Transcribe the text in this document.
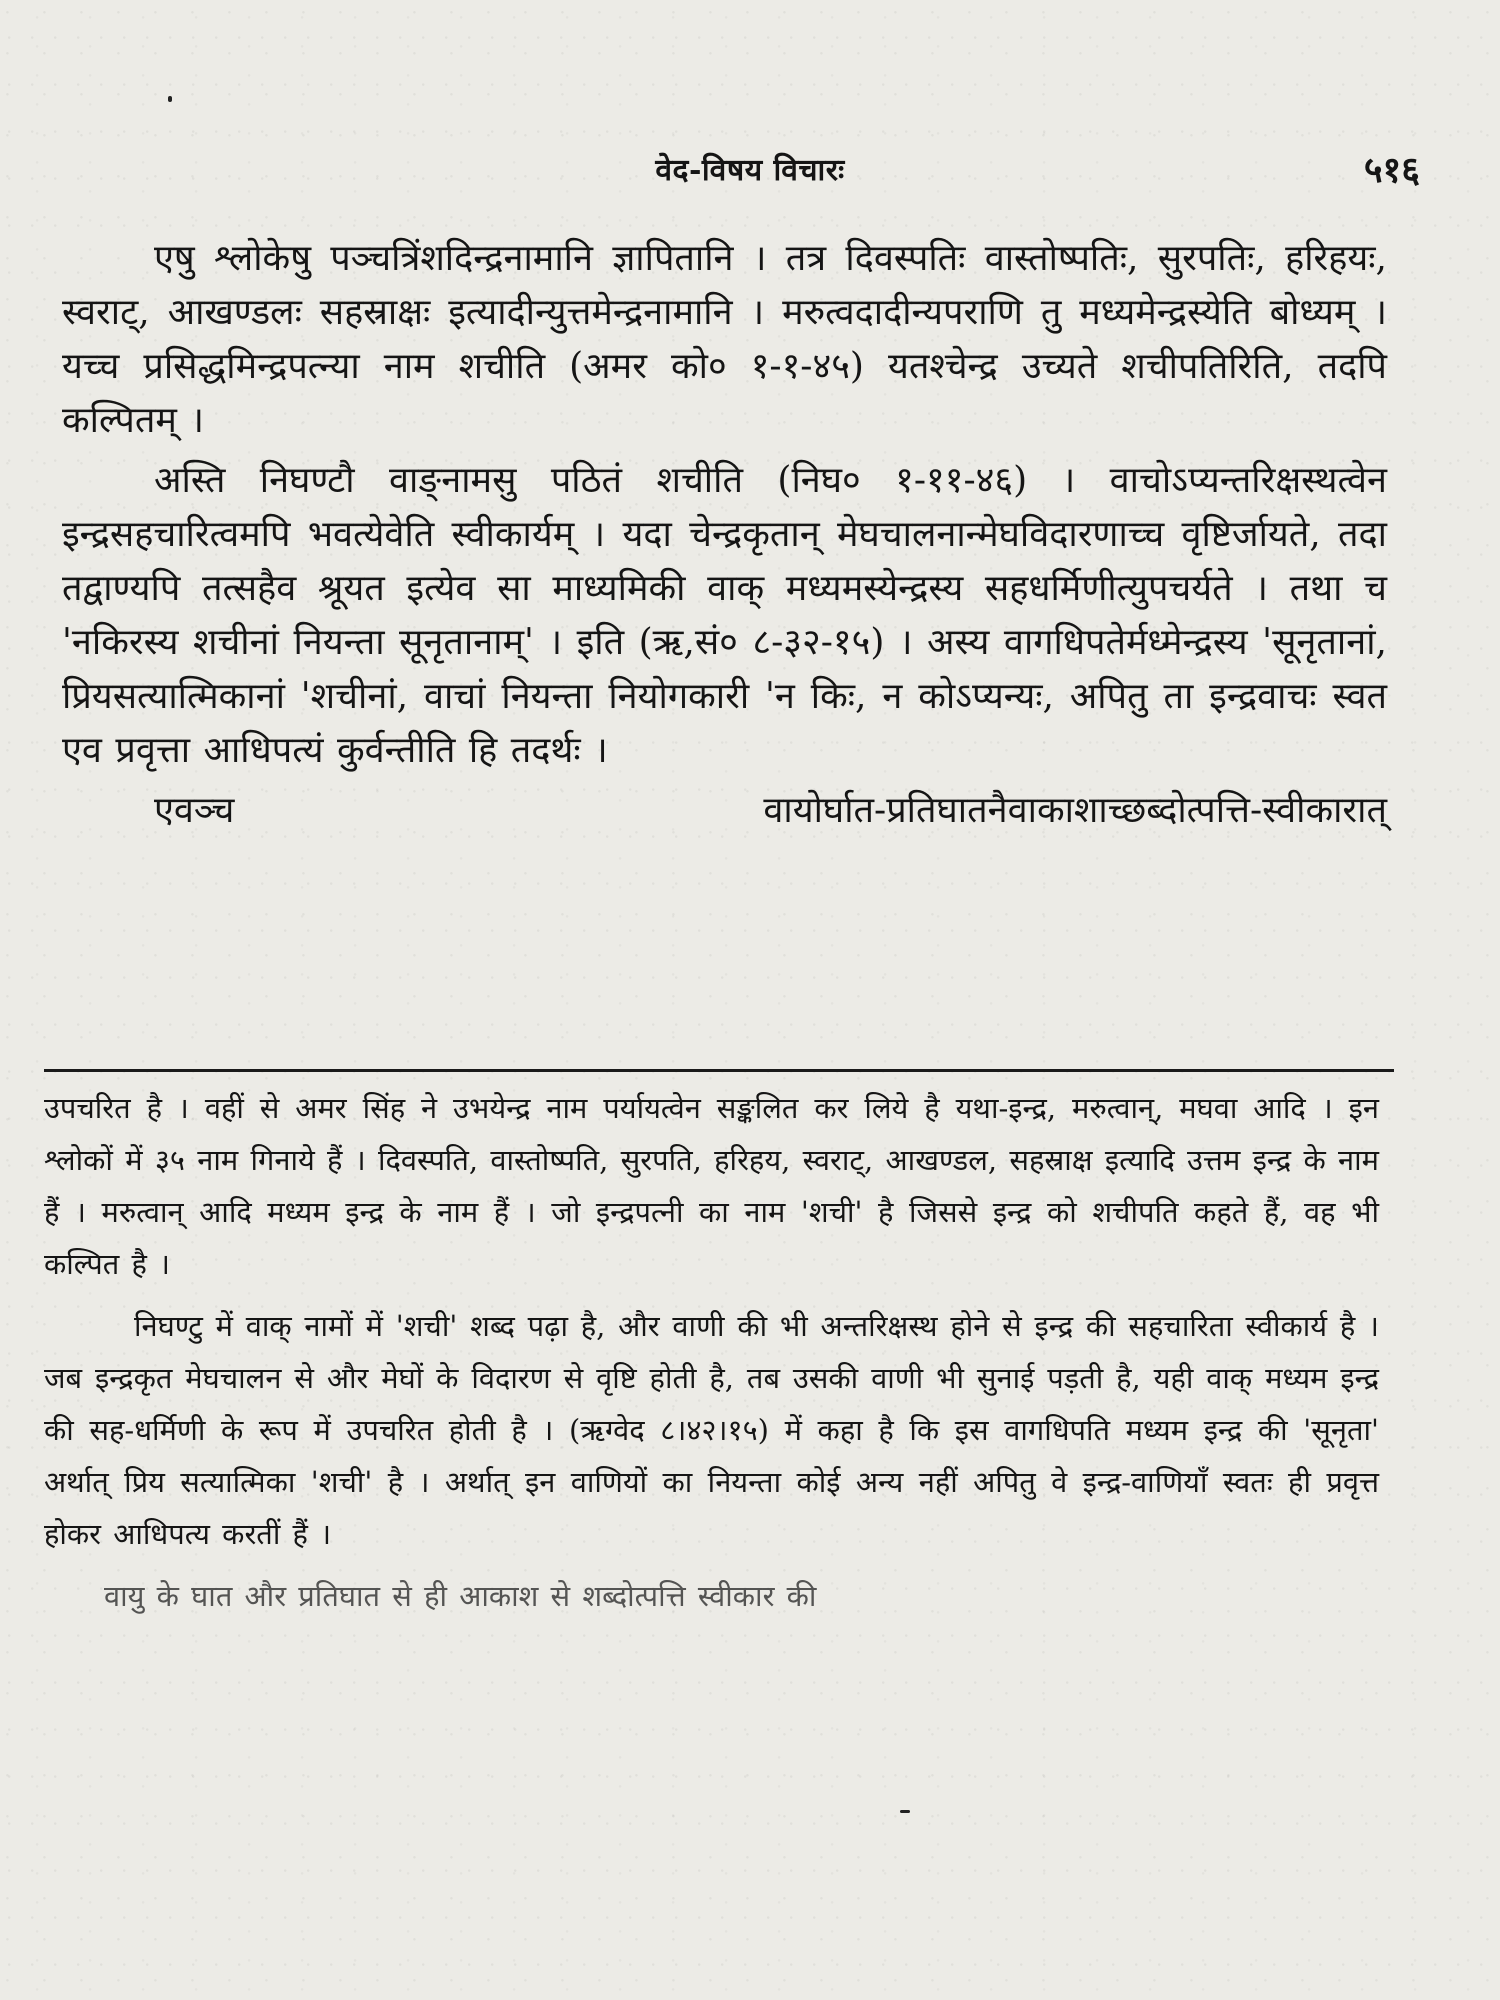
वेद-विषय विचारः	५१६

एषु श्लोकेषु पञ्चत्रिंशदिन्द्रनामानि ज्ञापितानि । तत्र दिवस्पतिः वास्तोष्पतिः, सुरपतिः, हरिहयः, स्वराट्, आखण्डलः सहस्राक्षः इत्यादीन्युत्तमेन्द्रनामानि । मरुत्वदादीन्यपराणि तु मध्यमेन्द्रस्येति बोध्यम् । यच्च प्रसिद्धमिन्द्रपत्न्या नाम शचीति (अमर को० १-१-४५) यतश्चेन्द्र उच्यते शचीपतिरिति, तदपि कल्पितम् ।

अस्ति निघण्टौ वाङ्नामसु पठितं शचीति (निघ० १-११-४६) । वाचोऽप्यन्तरिक्षस्थत्वेन इन्द्रसहचारित्वमपि भवत्येवेति स्वीकार्यम् । यदा चेन्द्रकृतान् मेघचालनान्मेघविदारणाच्च वृष्टिर्जायते, तदा तद्वाण्यपि तत्सहैव श्रूयत इत्येव सा माध्यमिकी वाक् मध्यमस्येन्द्रस्य सहधर्मिणीत्युपचर्यते । तथा च 'नकिरस्य शचीनां नियन्ता सूनृतानाम्' । इति (ऋ,सं० ८-३२-१५) । अस्य वागधिपतेर्मध्मेन्द्रस्य 'सूनृतानां, प्रियसत्यात्मिकानां 'शचीनां, वाचां नियन्ता नियोगकारी 'न किः, न कोऽप्यन्यः, अपितु ता इन्द्रवाचः स्वत एव प्रवृत्ता आधिपत्यं कुर्वन्तीति हि तदर्थः ।

एवञ्च वायोर्घात-प्रतिघातनैवाकाशाच्छब्दोत्पत्ति-स्वीकारात्

उपचरित है । वहीं से अमर सिंह ने उभयेन्द्र नाम पर्यायत्वेन सङ्कलित कर लिये है यथा-इन्द्र, मरुत्वान्, मघवा आदि । इन श्लोकों में ३५ नाम गिनाये हैं । दिवस्पति, वास्तोष्पति, सुरपति, हरिहय, स्वराट्, आखण्डल, सहस्राक्ष इत्यादि उत्तम इन्द्र के नाम हैं । मरुत्वान् आदि मध्यम इन्द्र के नाम हैं । जो इन्द्रपत्नी का नाम 'शची' है जिससे इन्द्र को शचीपति कहते हैं, वह भी कल्पित है ।

निघण्टु में वाक् नामों में 'शची' शब्द पढ़ा है, और वाणी की भी अन्तरिक्षस्थ होने से इन्द्र की सहचारिता स्वीकार्य है । जब इन्द्रकृत मेघचालन से और मेघों के विदारण से वृष्टि होती है, तब उसकी वाणी भी सुनाई पड़ती है, यही वाक् मध्यम इन्द्र की सह-धर्मिणी के रूप में उपचरित होती है । (ऋग्वेद ८।४२।१५) में कहा है कि इस वागधिपति मध्यम इन्द्र की 'सूनृता' अर्थात् प्रिय सत्यात्मिका 'शची' है । अर्थात् इन वाणियों का नियन्ता कोई अन्य नहीं अपितु वे इन्द्र-वाणियाँ स्वतः ही प्रवृत्त होकर आधिपत्य करतीं हैं ।

वायु के घात और प्रतिघात से ही आकाश से शब्दोत्पत्ति स्वीकार की
